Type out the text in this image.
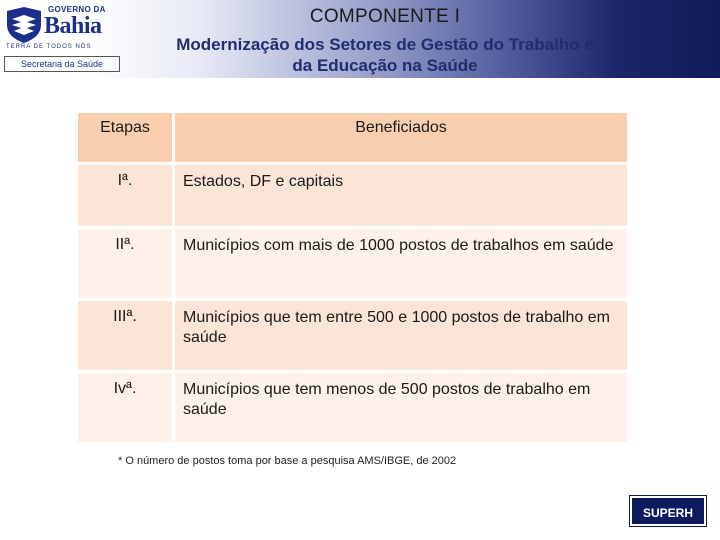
GOVERNO DA
Bahia
TERRA DE TODOS NÓS
Secretaria da Saúde
COMPONENTE I
Modernização dos Setores de Gestão do Trabalho e
da Educação na Saúde
Etapas	Beneficiados
Iª.	Estados, DF e capitais
IIª.	Municípios com mais de 1000 postos de trabalhos em saúde
IIIª.	Municípios que tem entre 500 e 1000 postos de trabalho em saúde
Ivª.	Municípios que tem menos de 500 postos de trabalho em saúde
* O número de postos toma por base a pesquisa AMS/IBGE, de 2002
SUPERH
